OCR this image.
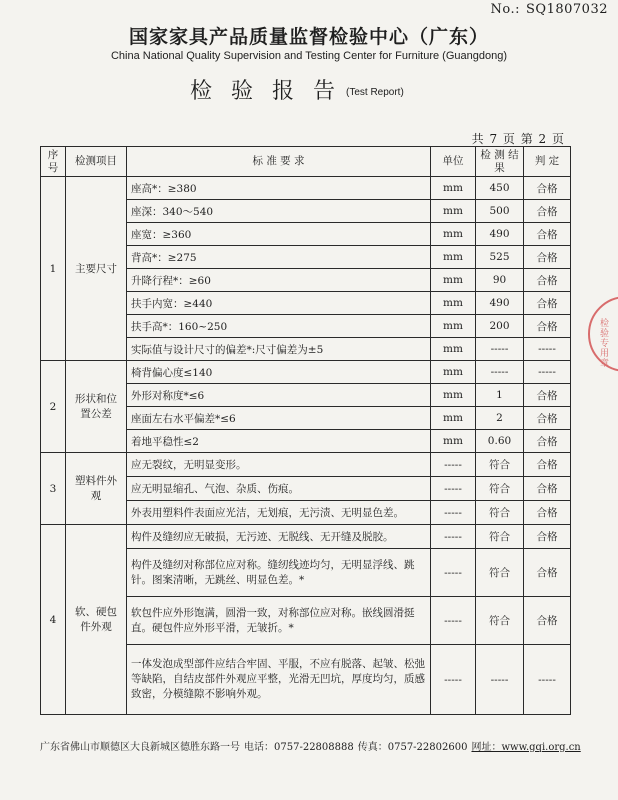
No.: SQ1807032
国家家具产品质量监督检验中心（广东）
China National Quality Supervision and Testing Center for Furniture (Guangdong)
检 验 报 告 (Test Report)
共 7 页 第 2 页
序号	检测项目	标 准 要 求	单位	检 测 结 果	判 定
1	主要尺寸	座高*：≥380	mm	450	合格
		座深：340～540	mm	500	合格
		座宽：≥360	mm	490	合格
		背高*：≥275	mm	525	合格
		升降行程*：≥60	mm	90	合格
		扶手内宽：≥440	mm	490	合格
		扶手高*：160~250	mm	200	合格
		实际值与设计尺寸的偏差*:尺寸偏差为±5	mm	-----	-----
2	形状和位置公差	椅背偏心度≤140	mm	-----	-----
		外形对称度*≤6	mm	1	合格
		座面左右水平偏差*≤6	mm	2	合格
		着地平稳性≤2	mm	0.60	合格
3	塑料件外观	应无裂纹，无明显变形。	-----	符合	合格
		应无明显缩孔、气泡、杂质、伤痕。	-----	符合	合格
		外表用塑料件表面应光洁，无划痕，无污渍、无明显色差。	-----	符合	合格
4	软、硬包件外观	构件及缝纫应无破损，无污迹、无脱线、无开缝及脱胶。	-----	符合	合格
		构件及缝纫对称部位应对称。缝纫线迹均匀，无明显浮线、跳针。图案清晰，无跳丝、明显色差。*	-----	符合	合格
		软包件应外形饱满，圆滑一致，对称部位应对称。嵌线圆滑挺直。硬包件应外形平滑，无皱折。*	-----	符合	合格
		一体发泡成型部件应结合牢固、平服，不应有脱落、起皱、松弛等缺陷，自结皮部件外观应平整，光滑无凹坑，厚度均匀，质感致密，分模缝隙不影响外观。	-----	-----	-----
广东省佛山市顺德区大良新城区德胜东路一号 电话：0757-22808888 传真：0757-22802600 网址：www.gqi.org.cn
检验专用章
